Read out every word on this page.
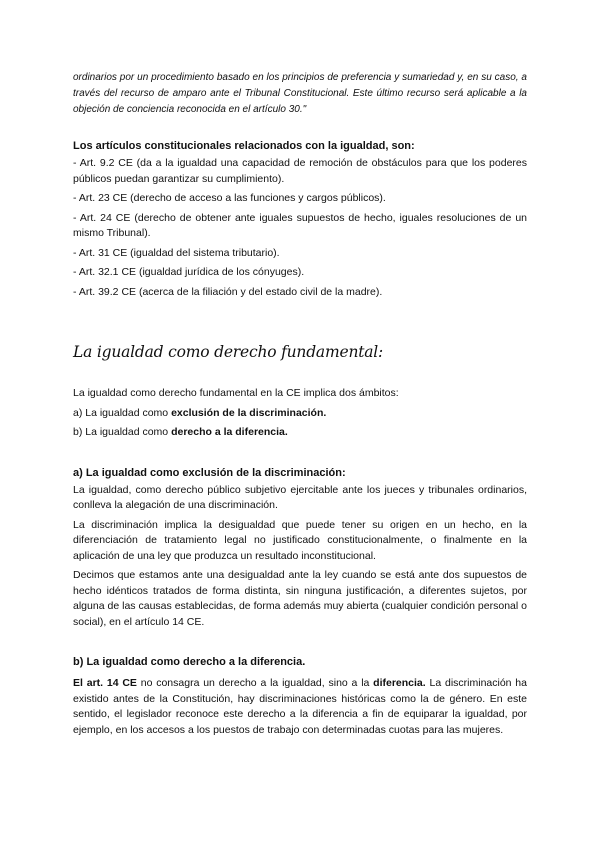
ordinarios por un procedimiento basado en los principios de preferencia y sumariedad y, en su caso, a través del recurso de amparo ante el Tribunal Constitucional. Este último recurso será aplicable a la objeción de conciencia reconocida en el artículo 30."

Los artículos constitucionales relacionados con la igualdad, son:

- Art. 9.2 CE (da a la igualdad una capacidad de remoción de obstáculos para que los poderes públicos puedan garantizar su cumplimiento).

- Art. 23 CE (derecho de acceso a las funciones y cargos públicos).

- Art. 24 CE (derecho de obtener ante iguales supuestos de hecho, iguales resoluciones de un mismo Tribunal).

- Art. 31 CE (igualdad del sistema tributario).

- Art. 32.1 CE (igualdad jurídica de los cónyuges).

- Art. 39.2 CE (acerca de la filiación y del estado civil de la madre).

La igualdad como derecho fundamental:

La igualdad como derecho fundamental en la CE implica dos ámbitos:

a) La igualdad como exclusión de la discriminación.

b) La igualdad como derecho a la diferencia.

a) La igualdad como exclusión de la discriminación:

La igualdad, como derecho público subjetivo ejercitable ante los jueces y tribunales ordinarios, conlleva la alegación de una discriminación.

La discriminación implica la desigualdad que puede tener su origen en un hecho, en la diferenciación de tratamiento legal no justificado constitucionalmente, o finalmente en la aplicación de una ley que produzca un resultado inconstitucional.

Decimos que estamos ante una desigualdad ante la ley cuando se está ante dos supuestos de hecho idénticos tratados de forma distinta, sin ninguna justificación, a diferentes sujetos, por alguna de las causas establecidas, de forma además muy abierta (cualquier condición personal o social), en el artículo 14 CE.

b) La igualdad como derecho a la diferencia.

El art. 14 CE no consagra un derecho a la igualdad, sino a la diferencia. La discriminación ha existido antes de la Constitución, hay discriminaciones históricas como la de género. En este sentido, el legislador reconoce este derecho a la diferencia a fin de equiparar la igualdad, por ejemplo, en los accesos a los puestos de trabajo con determinadas cuotas para las mujeres.
